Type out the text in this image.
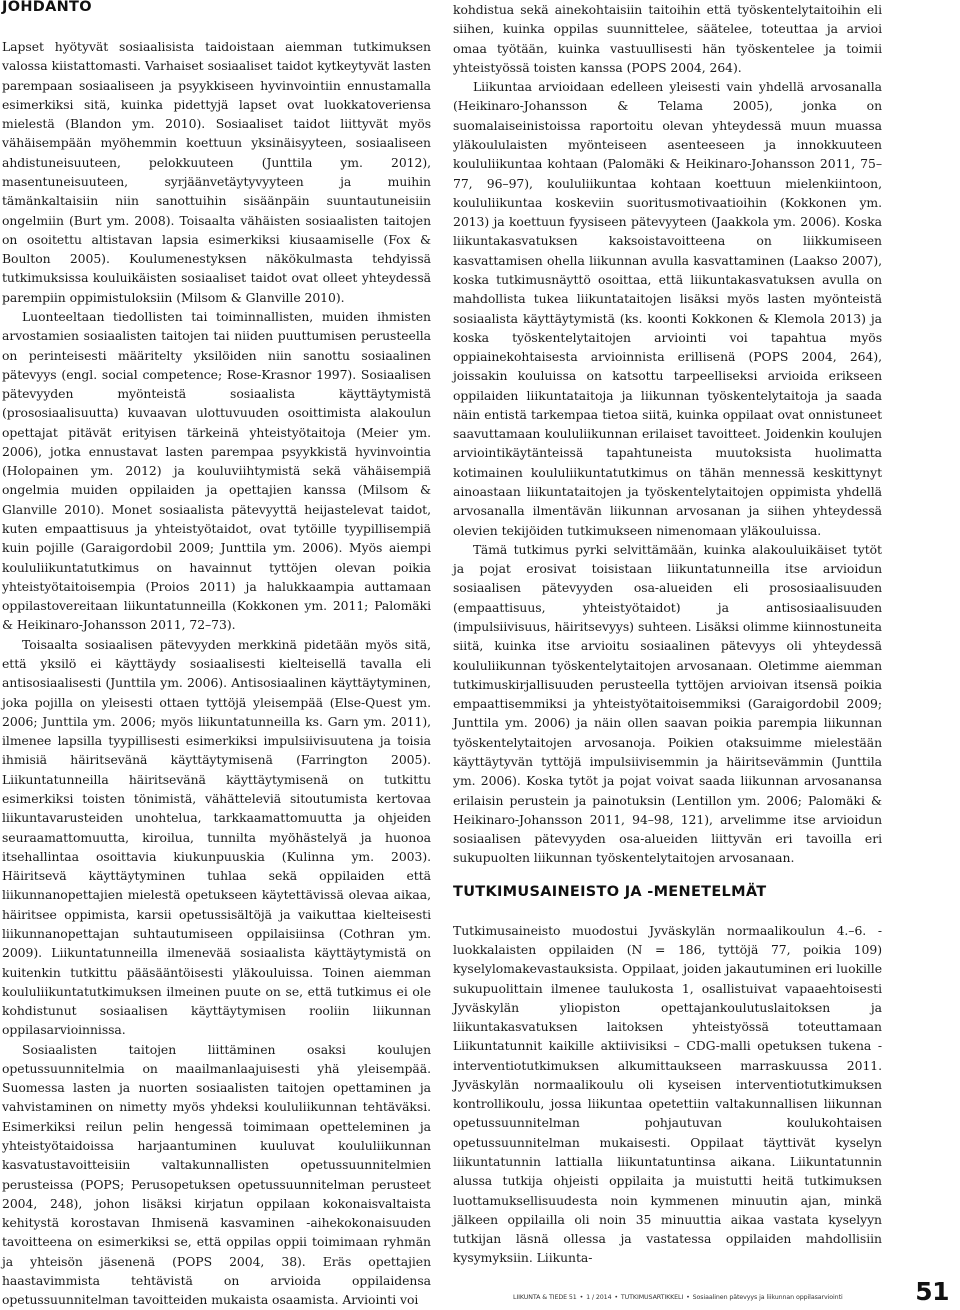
JOHDANTO

Lapset hyötyvät sosiaalisista taidoistaan aiemman tutkimuksen valossa kiistattomasti. Varhaiset sosiaaliset taidot kytkeytyvät lasten parempaan sosiaaliseen ja psyykkiseen hyvinvointiin ennustamalla esimerkiksi sitä, kuinka pidettyjä lapset ovat luokkatoveriensa mielestä (Blandon ym. 2010). Sosiaaliset taidot liittyvät myös vähäisempään myöhemmin koettuun yksinäisyyteen, sosiaaliseen ahdistuneisuuteen, pelokkuuteen (Junttila ym. 2012), masentuneisuuteen, syrjäänvetäytyvyyteen ja muihin tämänkaltaisiin niin sanottuihin sisäänpäin suuntautuneisiin ongelmiin (Burt ym. 2008). Toisaalta vähäisten sosiaalisten taitojen on osoitettu altistavan lapsia esimerkiksi kiusaamiselle (Fox & Boulton 2005). Koulumenestyksen näkökulmasta tehdyissä tutkimuksissa kouluikäisten sosiaaliset taidot ovat olleet yhteydessä parempiin oppimistuloksiin (Milsom & Glanville 2010).

Luonteeltaan tiedollisten tai toiminnallisten, muiden ihmisten arvostamien sosiaalisten taitojen tai niiden puuttumisen perusteella on perinteisesti määritelty yksilöiden niin sanottu sosiaalinen pätevyys (engl. social competence; Rose-Krasnor 1997). Sosiaalisen pätevyyden myönteistä sosiaalista käyttäytymistä (prososiaalisuutta) kuvaavan ulottuvuuden osoittimista alakoulun opettajat pitävät erityisen tärkeinä yhteistyötaitoja (Meier ym. 2006), jotka ennustavat lasten parempaa psyykkistä hyvinvointia (Holopainen ym. 2012) ja kouluviihtymistä sekä vähäisempiä ongelmia muiden oppilaiden ja opettajien kanssa (Milsom & Glanville 2010). Monet sosiaalista pätevyyttä heijastelevat taidot, kuten empaattisuus ja yhteistyötaidot, ovat tytöille tyypillisempiä kuin pojille (Garaigordobil 2009; Junttila ym. 2006). Myös aiempi koululiikuntatutkimus on havainnut tyttöjen olevan poikia yhteistyötaitoisempia (Proios 2011) ja halukkaampia auttamaan oppilastovereitaan liikuntatunneilla (Kokkonen ym. 2011; Palomäki & Heikinaro-Johansson 2011, 72–73).

Toisaalta sosiaalisen pätevyyden merkkinä pidetään myös sitä, että yksilö ei käyttäydy sosiaalisesti kielteisellä tavalla eli antisosiaalisesti (Junttila ym. 2006). Antisosiaalinen käyttäytyminen, joka pojilla on yleisesti ottaen tyttöjä yleisempää (Else-Quest ym. 2006; Junttila ym. 2006; myös liikuntatunneilla ks. Garn ym. 2011), ilmenee lapsilla tyypillisesti esimerkiksi impulsiivisuutena ja toisia ihmisiä häiritsevänä käyttäytymisenä (Farrington 2005). Liikuntatunneilla häiritsevänä käyttäytymisenä on tutkittu esimerkiksi toisten tönimistä, vähätteleviä sitoutumista kertovaa liikuntavarusteiden unohtelua, tarkkaamattomuutta ja ohjeiden seuraamattomuutta, kiroilua, tunnilta myöhästelyä ja huonoa itsehallintaa osoittavia kiukunpuuskia (Kulinna ym. 2003). Häiritsevä käyttäytyminen tuhlaa sekä oppilaiden että liikunnanopettajien mielestä opetukseen käytettävissä olevaa aikaa, häiritsee oppimista, karsii opetussisältöjä ja vaikuttaa kielteisesti liikunnanopettajan suhtautumiseen oppilaisiinsa (Cothran ym. 2009). Liikuntatunneilla ilmenevää sosiaalista käyttäytymistä on kuitenkin tutkittu pääsääntöisesti yläkouluissa. Toinen aiemman koululiikuntatutkimuksen ilmeinen puute on se, että tutkimus ei ole kohdistunut sosiaalisen käyttäytymisen rooliin liikunnan oppilasarvioinnissa.

Sosiaalisten taitojen liittäminen osaksi koulujen opetussuunnitelmia on maailmanlaajuisesti yhä yleisempää. Suomessa lasten ja nuorten sosiaalisten taitojen opettaminen ja vahvistaminen on nimetty myös yhdeksi koululiikunnan tehtäväksi. Esimerkiksi reilun pelin hengessä toimimaan opetteleminen ja yhteistyötaidoissa harjaantuminen kuuluvat koululiikunnan kasvatustavoitteisiin valtakunnallisten opetussuunnitelmien perusteissa (POPS; Perusopetuksen opetussuunnitelman perusteet 2004, 248), johon lisäksi kirjatun oppilaan kokonaisvaltaista kehitystä korostavan Ihmisenä kasvaminen -aihekokonaisuuden tavoitteena on esimerkiksi se, että oppilas oppii toimimaan ryhmän ja yhteisön jäsenenä (POPS 2004, 38). Eräs opettajien haastavimmista tehtävistä on arvioida oppilaidensa opetussuunnitelman tavoitteiden mukaista osaamista. Arviointi voi

kohdistua sekä ainekohtaisiin taitoihin että työskentelytaitoihin eli siihen, kuinka oppilas suunnittelee, säätelee, toteuttaa ja arvioi omaa työtään, kuinka vastuullisesti hän työskentelee ja toimii yhteistyössä toisten kanssa (POPS 2004, 264).

Liikuntaa arvioidaan edelleen yleisesti vain yhdellä arvosanalla (Heikinaro-Johansson & Telama 2005), jonka on suomalaiseinistoissa raportoitu olevan yhteydessä muun muassa yläkoululaisten myönteiseen asenteeseen ja innokkuuteen koululiikuntaa kohtaan (Palomäki & Heikinaro-Johansson 2011, 75–77, 96–97), koululiikuntaa kohtaan koettuun mielenkiintoon, koululiikuntaa koskeviin suoritusmotivaatioihin (Kokkonen ym. 2013) ja koettuun fyysiseen pätevyyteen (Jaakkola ym. 2006). Koska liikuntakasvatuksen kaksoistavoitteena on liikkumiseen kasvattamisen ohella liikunnan avulla kasvattaminen (Laakso 2007), koska tutkimusnäyttö osoittaa, että liikuntakasvatuksen avulla on mahdollista tukea liikuntataitojen lisäksi myös lasten myönteistä sosiaalista käyttäytymistä (ks. koonti Kokkonen & Klemola 2013) ja koska työskentelytaitojen arviointi voi tapahtua myös oppiainekohtaisesta arvioinnista erillisenä (POPS 2004, 264), joissakin kouluissa on katsottu tarpeelliseksi arvioida erikseen oppilaiden liikuntataitoja ja liikunnan työskentelytaitoja ja saada näin entistä tarkempaa tietoa siitä, kuinka oppilaat ovat onnistuneet saavuttamaan koululiikunnan erilaiset tavoitteet. Joidenkin koulujen arviointikäytänteissä tapahtuneista muutoksista huolimatta kotimainen koululiikuntatutkimus on tähän mennessä keskittynyt ainoastaan liikuntataitojen ja työskentelytaitojen oppimista yhdellä arvosanalla ilmentävän liikunnan arvosanan ja siihen yhteydessä olevien tekijöiden tutkimukseen nimenomaan yläkouluissa.

Tämä tutkimus pyrki selvittämään, kuinka alakouluikäiset tytöt ja pojat erosivat toisistaan liikuntatunneilla itse arvioidun sosiaalisen pätevyyden osa-alueiden eli prososiaalisuuden (empaattisuus, yhteistyötaidot) ja antisosiaalisuuden (impulsiivisuus, häiritsevyys) suhteen. Lisäksi olimme kiinnostuneita siitä, kuinka itse arvioitu sosiaalinen pätevyys oli yhteydessä koululiikunnan työskentelytaitojen arvosanaan. Oletimme aiemman tutkimuskirjallisuuden perusteella tyttöjen arvioivan itsensä poikia empaattisemmiksi ja yhteistyötaitoisemmiksi (Garaigordobil 2009; Junttila ym. 2006) ja näin ollen saavan poikia parempia liikunnan työskentelytaitojen arvosanoja. Poikien otaksuimme mielestään käyttäytyvän tyttöjä impulsiivisemmin ja häiritsevämmin (Junttila ym. 2006). Koska tytöt ja pojat voivat saada liikunnan arvosanansa erilaisin perustein ja painotuksin (Lentillon ym. 2006; Palomäki & Heikinaro-Johansson 2011, 94–98, 121), arvelimme itse arvioidun sosiaalisen pätevyyden osa-alueiden liittyvän eri tavoilla eri sukupuolten liikunnan työskentelytaitojen arvosanaan.

TUTKIMUSAINEISTO JA -MENETELMÄT

Tutkimusaineisto muodostui Jyväskylän normaalikoulun 4.–6. -luokkalaisten oppilaiden (N = 186, tyttöjä 77, poikia 109) kyselylomakevastauksista. Oppilaat, joiden jakautuminen eri luokille sukupuolittain ilmenee taulukosta 1, osallistuivat vapaaehtoisesti Jyväskylän yliopiston opettajankoulutuslaitoksen ja liikuntakasvatuksen laitoksen yhteistyössä toteuttamaan Liikuntatunnit kaikille aktiivisiksi – CDG-malli opetuksen tukena -interventiotutkimuksen alkumittaukseen marraskuussa 2011. Jyväskylän normaalikoulu oli kyseisen interventiotutkimuksen kontrollikoulu, jossa liikuntaa opetettiin valtakunnallisen liikunnan opetussuunnitelman pohjautuvan koulukohtaisen opetussuunnitelman mukaisesti. Oppilaat täyttivät kyselyn liikuntatunnin lattialla liikuntatuntinsa aikana. Liikuntatunnin alussa tutkija ohjeisti oppilaita ja muistutti heitä tutkimuksen luottamuksellisuudesta noin kymmenen minuutin ajan, minkä jälkeen oppilailla oli noin 35 minuuttia aikaa vastata kyselyyn tutkijan läsnä ollessa ja vastatessa oppilaiden mahdollisiin kysymyksiin. Liikunta-

LIIKUNTA & TIEDE 51 • 1 / 2014 • TUTKIMUSARTIKKELI • Sosiaalinen pätevyys ja liikunnan oppilasarviointi	51
